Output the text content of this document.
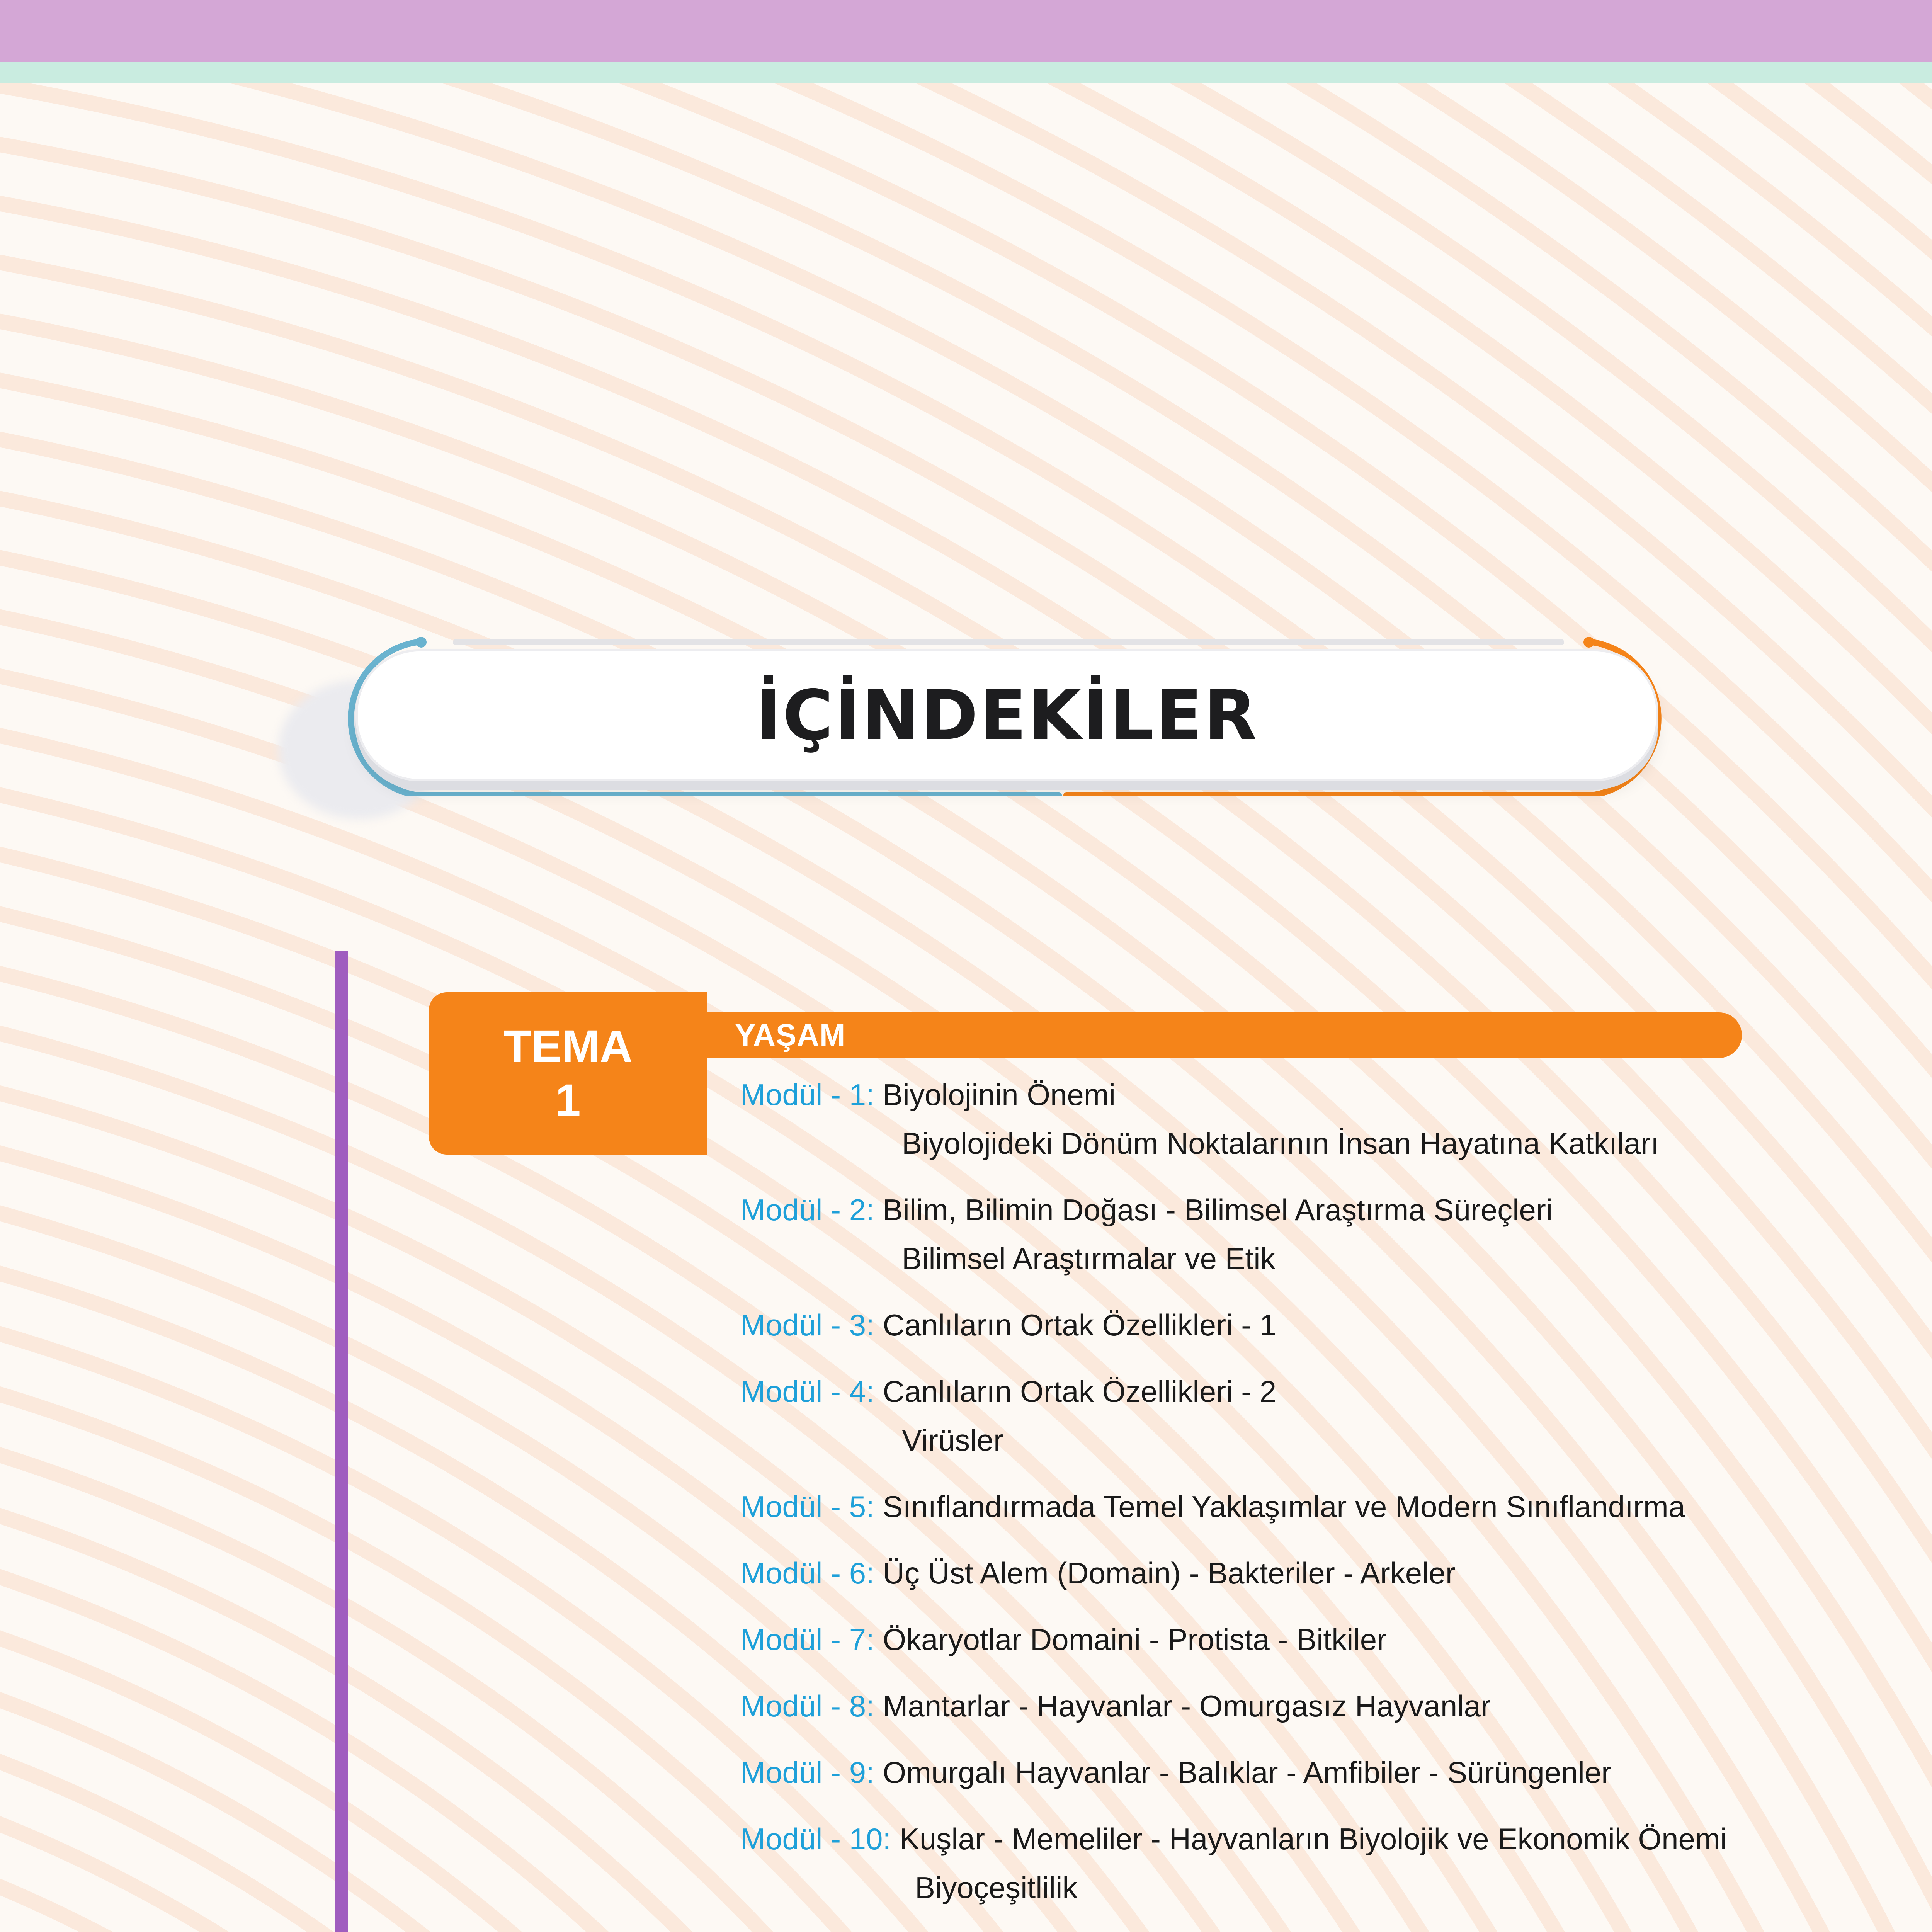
İÇİNDEKİLER
TEMA
1
YAŞAM
Modül - 1: Biyolojinin Önemi
Biyolojideki Dönüm Noktalarının İnsan Hayatına Katkıları
Modül - 2: Bilim, Bilimin Doğası - Bilimsel Araştırma Süreçleri
Bilimsel Araştırmalar ve Etik
Modül - 3: Canlıların Ortak Özellikleri - 1
Modül - 4: Canlıların Ortak Özellikleri - 2
Virüsler
Modül - 5: Sınıflandırmada Temel Yaklaşımlar ve Modern Sınıflandırma
Modül - 6: Üç Üst Alem (Domain) - Bakteriler - Arkeler
Modül - 7: Ökaryotlar Domaini - Protista - Bitkiler
Modül - 8: Mantarlar - Hayvanlar - Omurgasız Hayvanlar
Modül - 9: Omurgalı Hayvanlar - Balıklar - Amfibiler - Sürüngenler
Modül - 10: Kuşlar - Memeliler - Hayvanların Biyolojik ve Ekonomik Önemi
Biyoçeşitlilik
